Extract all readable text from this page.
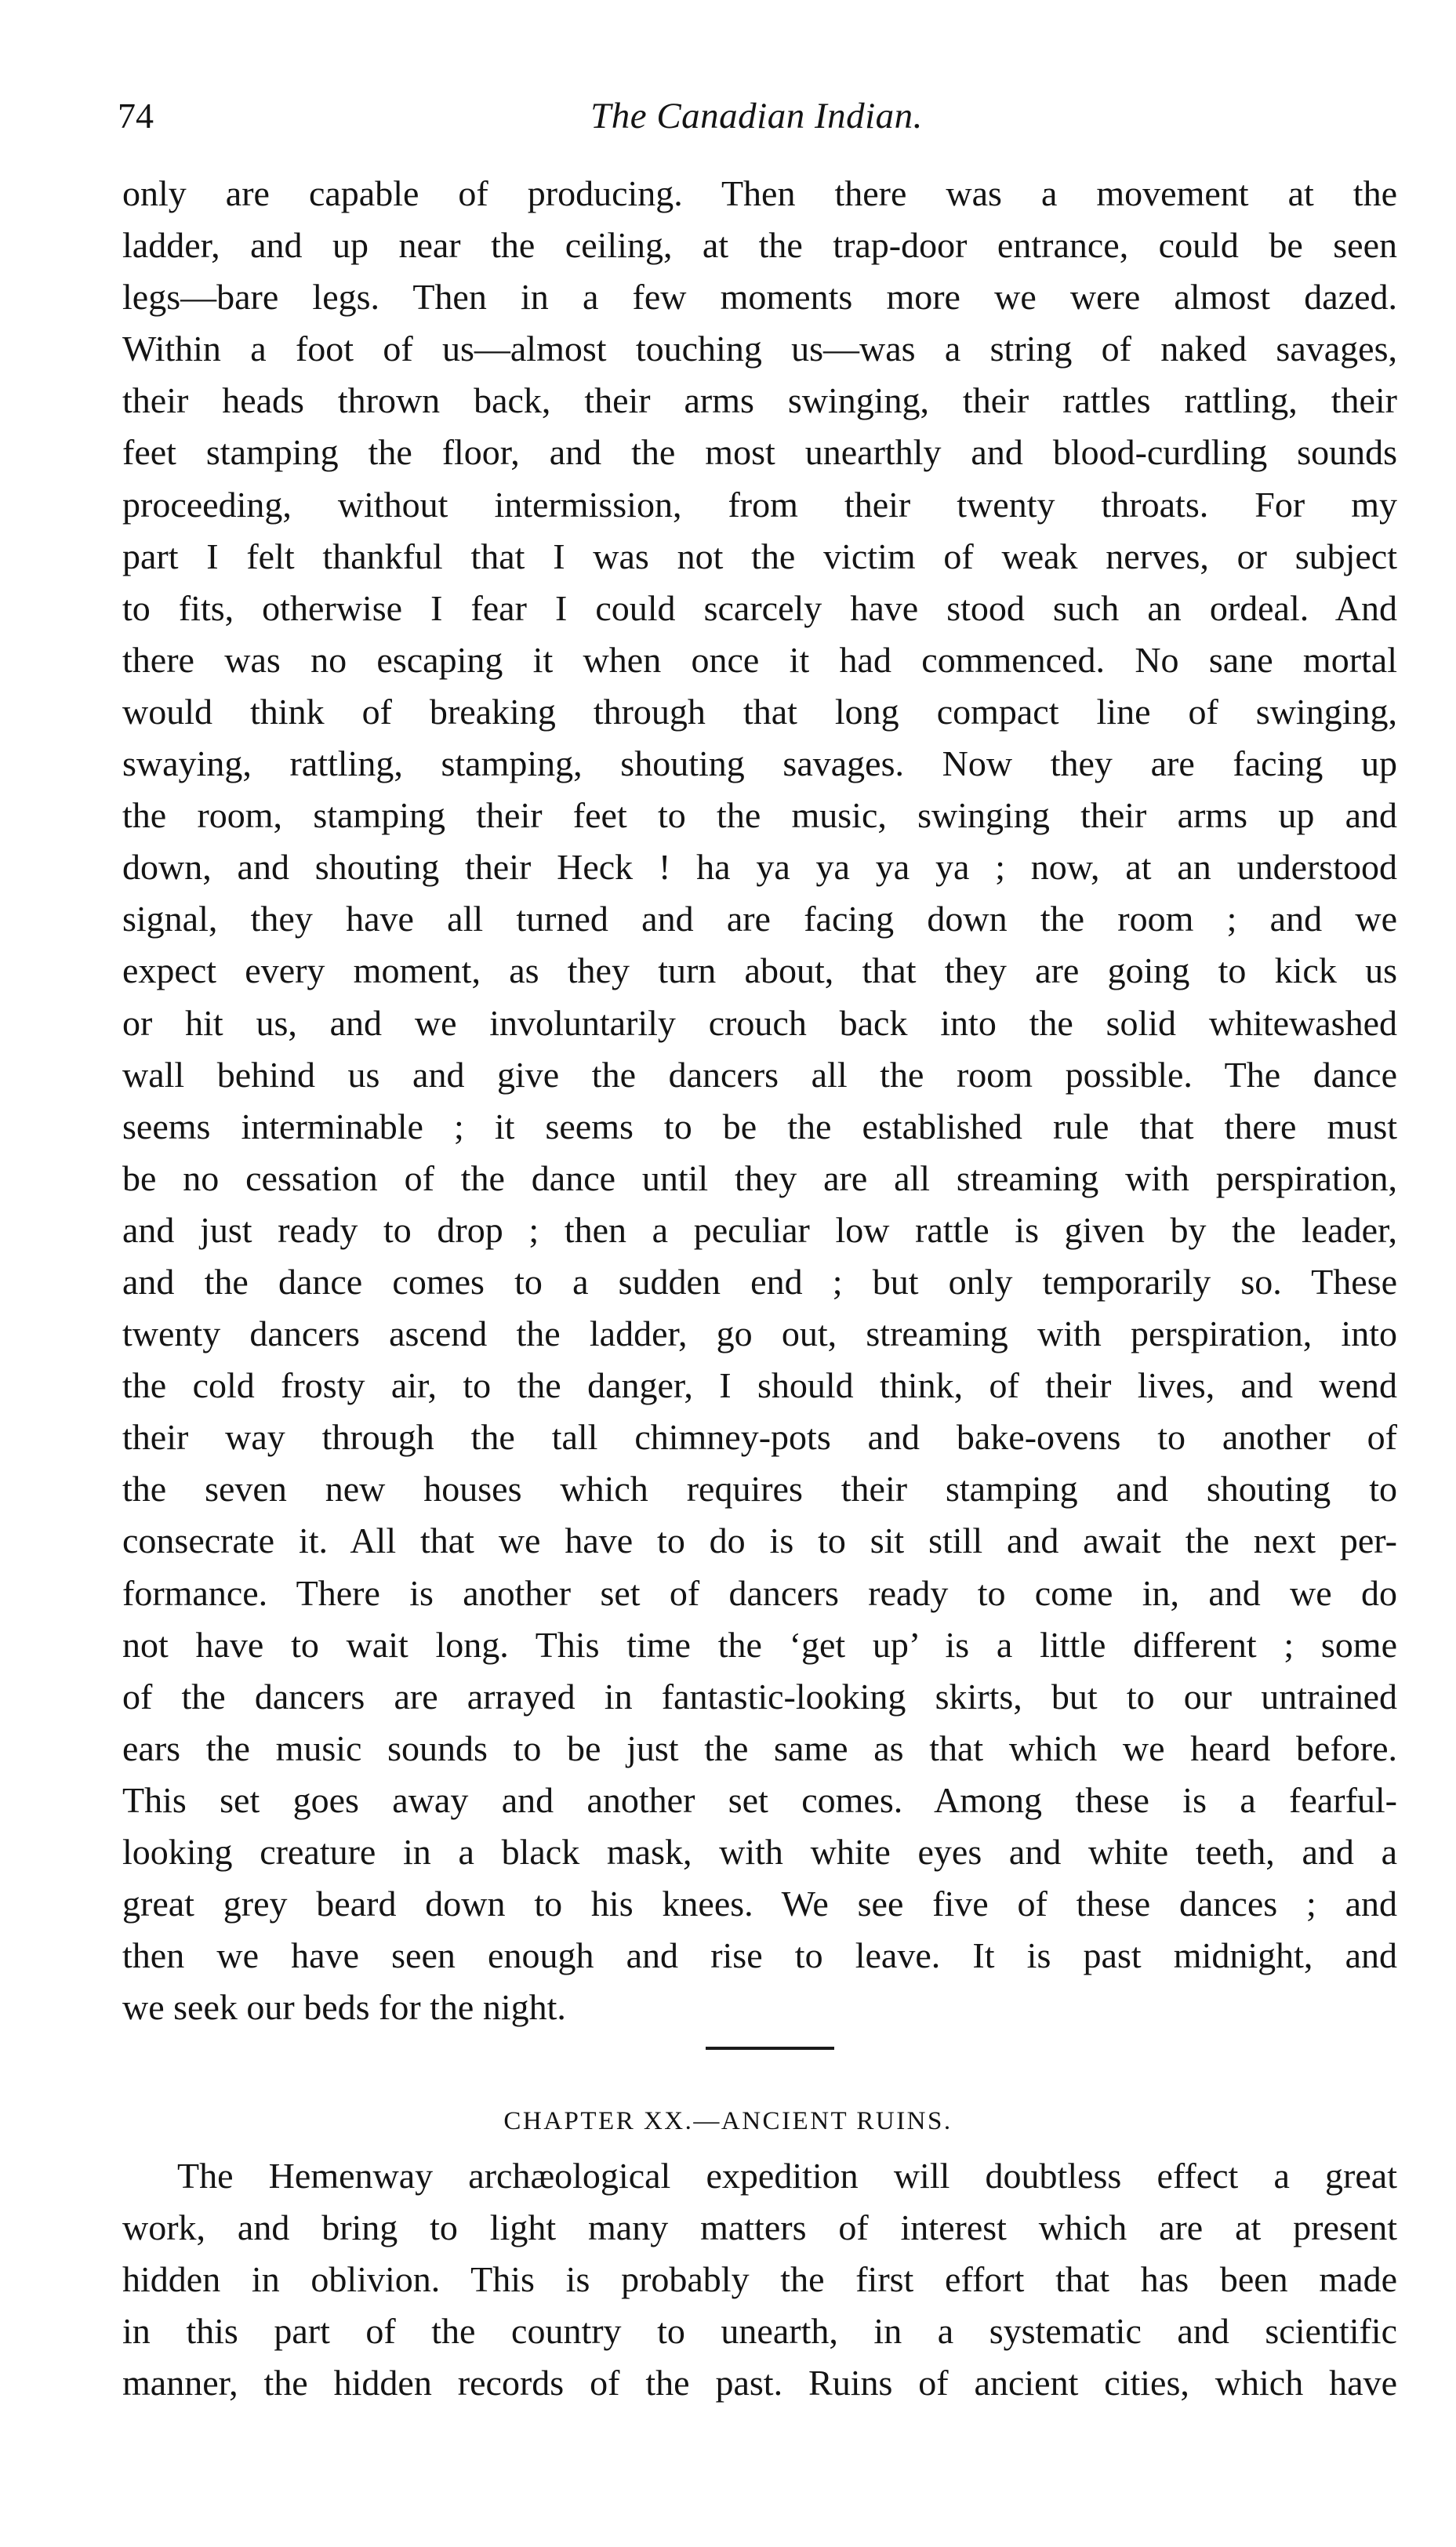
74	The Canadian Indian.
only are capable of producing. Then there was a movement at the
ladder, and up near the ceiling, at the trap-door entrance, could be seen
legs—bare legs. Then in a few moments more we were almost dazed.
Within a foot of us—almost touching us—was a string of naked savages,
their heads thrown back, their arms swinging, their rattles rattling, their
feet stamping the floor, and the most unearthly and blood-curdling sounds
proceeding, without intermission, from their twenty throats. For my
part I felt thankful that I was not the victim of weak nerves, or subject
to fits, otherwise I fear I could scarcely have stood such an ordeal. And
there was no escaping it when once it had commenced. No sane mortal
would think of breaking through that long compact line of swinging,
swaying, rattling, stamping, shouting savages. Now they are facing up
the room, stamping their feet to the music, swinging their arms up and
down, and shouting their Heck ! ha ya ya ya ya ; now, at an understood
signal, they have all turned and are facing down the room ; and we
expect every moment, as they turn about, that they are going to kick us
or hit us, and we involuntarily crouch back into the solid whitewashed
wall behind us and give the dancers all the room possible. The dance
seems interminable ; it seems to be the established rule that there must
be no cessation of the dance until they are all streaming with perspiration,
and just ready to drop ; then a peculiar low rattle is given by the leader,
and the dance comes to a sudden end ; but only temporarily so. These
twenty dancers ascend the ladder, go out, streaming with perspiration, into
the cold frosty air, to the danger, I should think, of their lives, and wend
their way through the tall chimney-pots and bake-ovens to another of
the seven new houses which requires their stamping and shouting to
consecrate it. All that we have to do is to sit still and await the next per-
formance. There is another set of dancers ready to come in, and we do
not have to wait long. This time the ‘get up’ is a little different ; some
of the dancers are arrayed in fantastic-looking skirts, but to our untrained
ears the music sounds to be just the same as that which we heard before.
This set goes away and another set comes. Among these is a fearful-
looking creature in a black mask, with white eyes and white teeth, and a
great grey beard down to his knees. We see five of these dances ; and
then we have seen enough and rise to leave. It is past midnight, and
we seek our beds for the night.
CHAPTER XX.—ANCIENT RUINS.
The Hemenway archæological expedition will doubtless effect a great
work, and bring to light many matters of interest which are at present
hidden in oblivion. This is probably the first effort that has been made
in this part of the country to unearth, in a systematic and scientific
manner, the hidden records of the past. Ruins of ancient cities, which have
